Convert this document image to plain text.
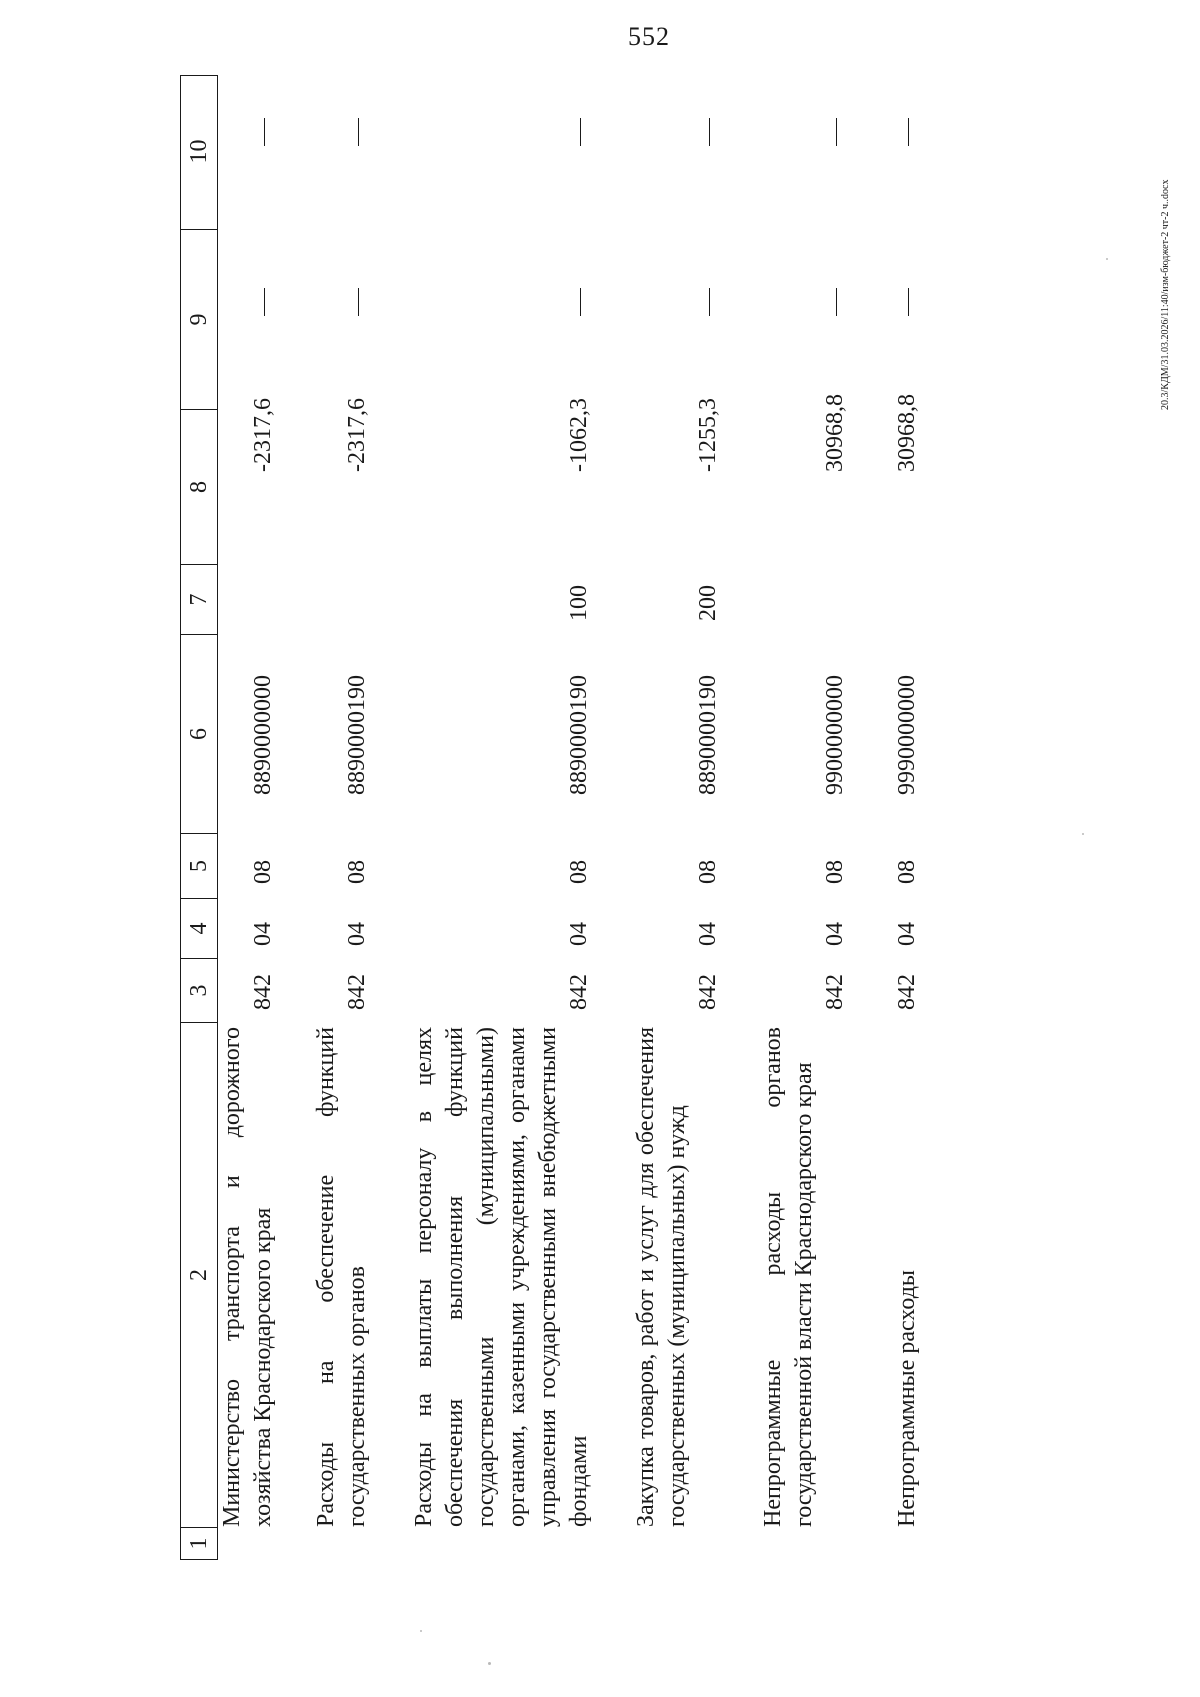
552
20.3/КДМ/31.03.2026/11:40/изм-бюджет-2 чт-2 ч..docx
1
2
3
4
5
6
7
8
9
10
Министерство транспорта и дорожного хозяйства Краснодарского края
842
04
08
8890000000
-2317,6
Расходы на обеспечение функций государственных органов
842
04
08
8890000190
-2317,6
Расходы на выплаты персоналу в целях обеспечения выполнения функций государственными (муниципальными) органами, казенными учреждениями, органами управления государственными внебюджетными фондами
842
04
08
8890000190
100
-1062,3
Закупка товаров, работ и услуг для обеспечения государственных (муниципальных) нужд
842
04
08
8890000190
200
-1255,3
Непрограммные расходы органов государственной власти Краснодарского края
842
04
08
9900000000
30968,8
Непрограммные расходы
842
04
08
9990000000
30968,8
